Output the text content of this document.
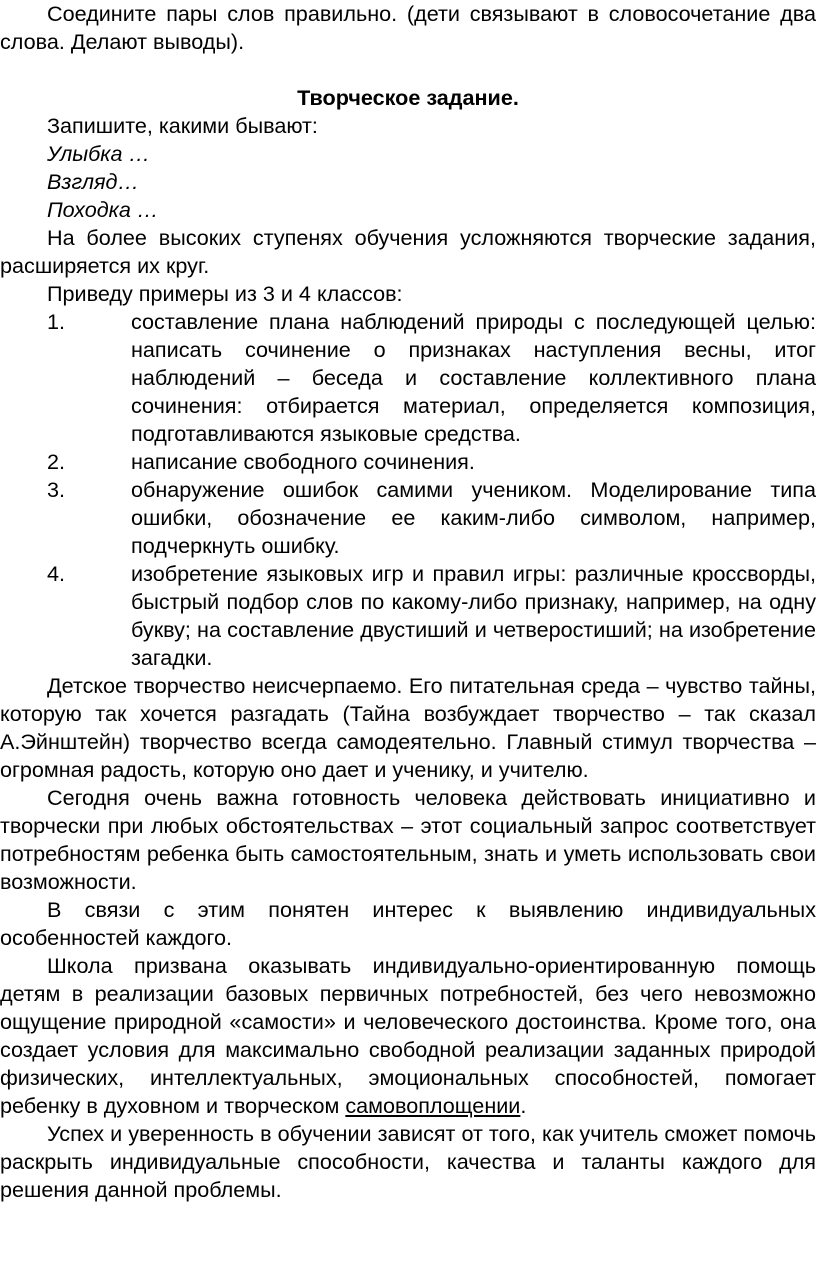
Соедините пары слов правильно. (дети связывают в словосочетание два слова. Делают выводы).

Творческое задание.

Запишите, какими бывают:

Улыбка …

Взгляд…

Походка …

На более высоких ступенях обучения усложняются творческие задания, расширяется их круг.

Приведу примеры из 3 и 4 классов:

1.	составление плана наблюдений природы с последующей целью: написать сочинение о признаках наступления весны, итог наблюдений – беседа и составление коллективного плана сочинения: отбирается материал, определяется композиция, подготавливаются языковые средства.
2.	написание свободного сочинения.
3.	обнаружение ошибок самими учеником. Моделирование типа ошибки, обозначение ее каким-либо символом, например, подчеркнуть ошибку.
4.	изобретение языковых игр и правил игры: различные кроссворды, быстрый подбор слов по какому-либо признаку, например, на одну букву; на составление двустиший и четверостиший; на изобретение загадки.

Детское творчество неисчерпаемо. Его питательная среда – чувство тайны, которую так хочется разгадать (Тайна возбуждает творчество – так сказал А.Эйнштейн) творчество всегда самодеятельно. Главный стимул творчества – огромная радость, которую оно дает и ученику, и учителю.

Сегодня очень важна готовность человека действовать инициативно и творчески при любых обстоятельствах – этот социальный запрос соответствует потребностям ребенка быть самостоятельным, знать и уметь использовать свои возможности.

В связи с этим понятен интерес к выявлению индивидуальных особенностей каждого.

Школа призвана оказывать индивидуально-ориентированную помощь детям в реализации базовых первичных потребностей, без чего невозможно ощущение природной «самости» и человеческого достоинства. Кроме того, она создает условия для максимально свободной реализации заданных природой физических, интеллектуальных, эмоциональных способностей, помогает ребенку в духовном и творческом самовоплощении.

Успех и уверенность в обучении зависят от того, как учитель сможет помочь раскрыть индивидуальные способности, качества и таланты каждого для решения данной проблемы.
